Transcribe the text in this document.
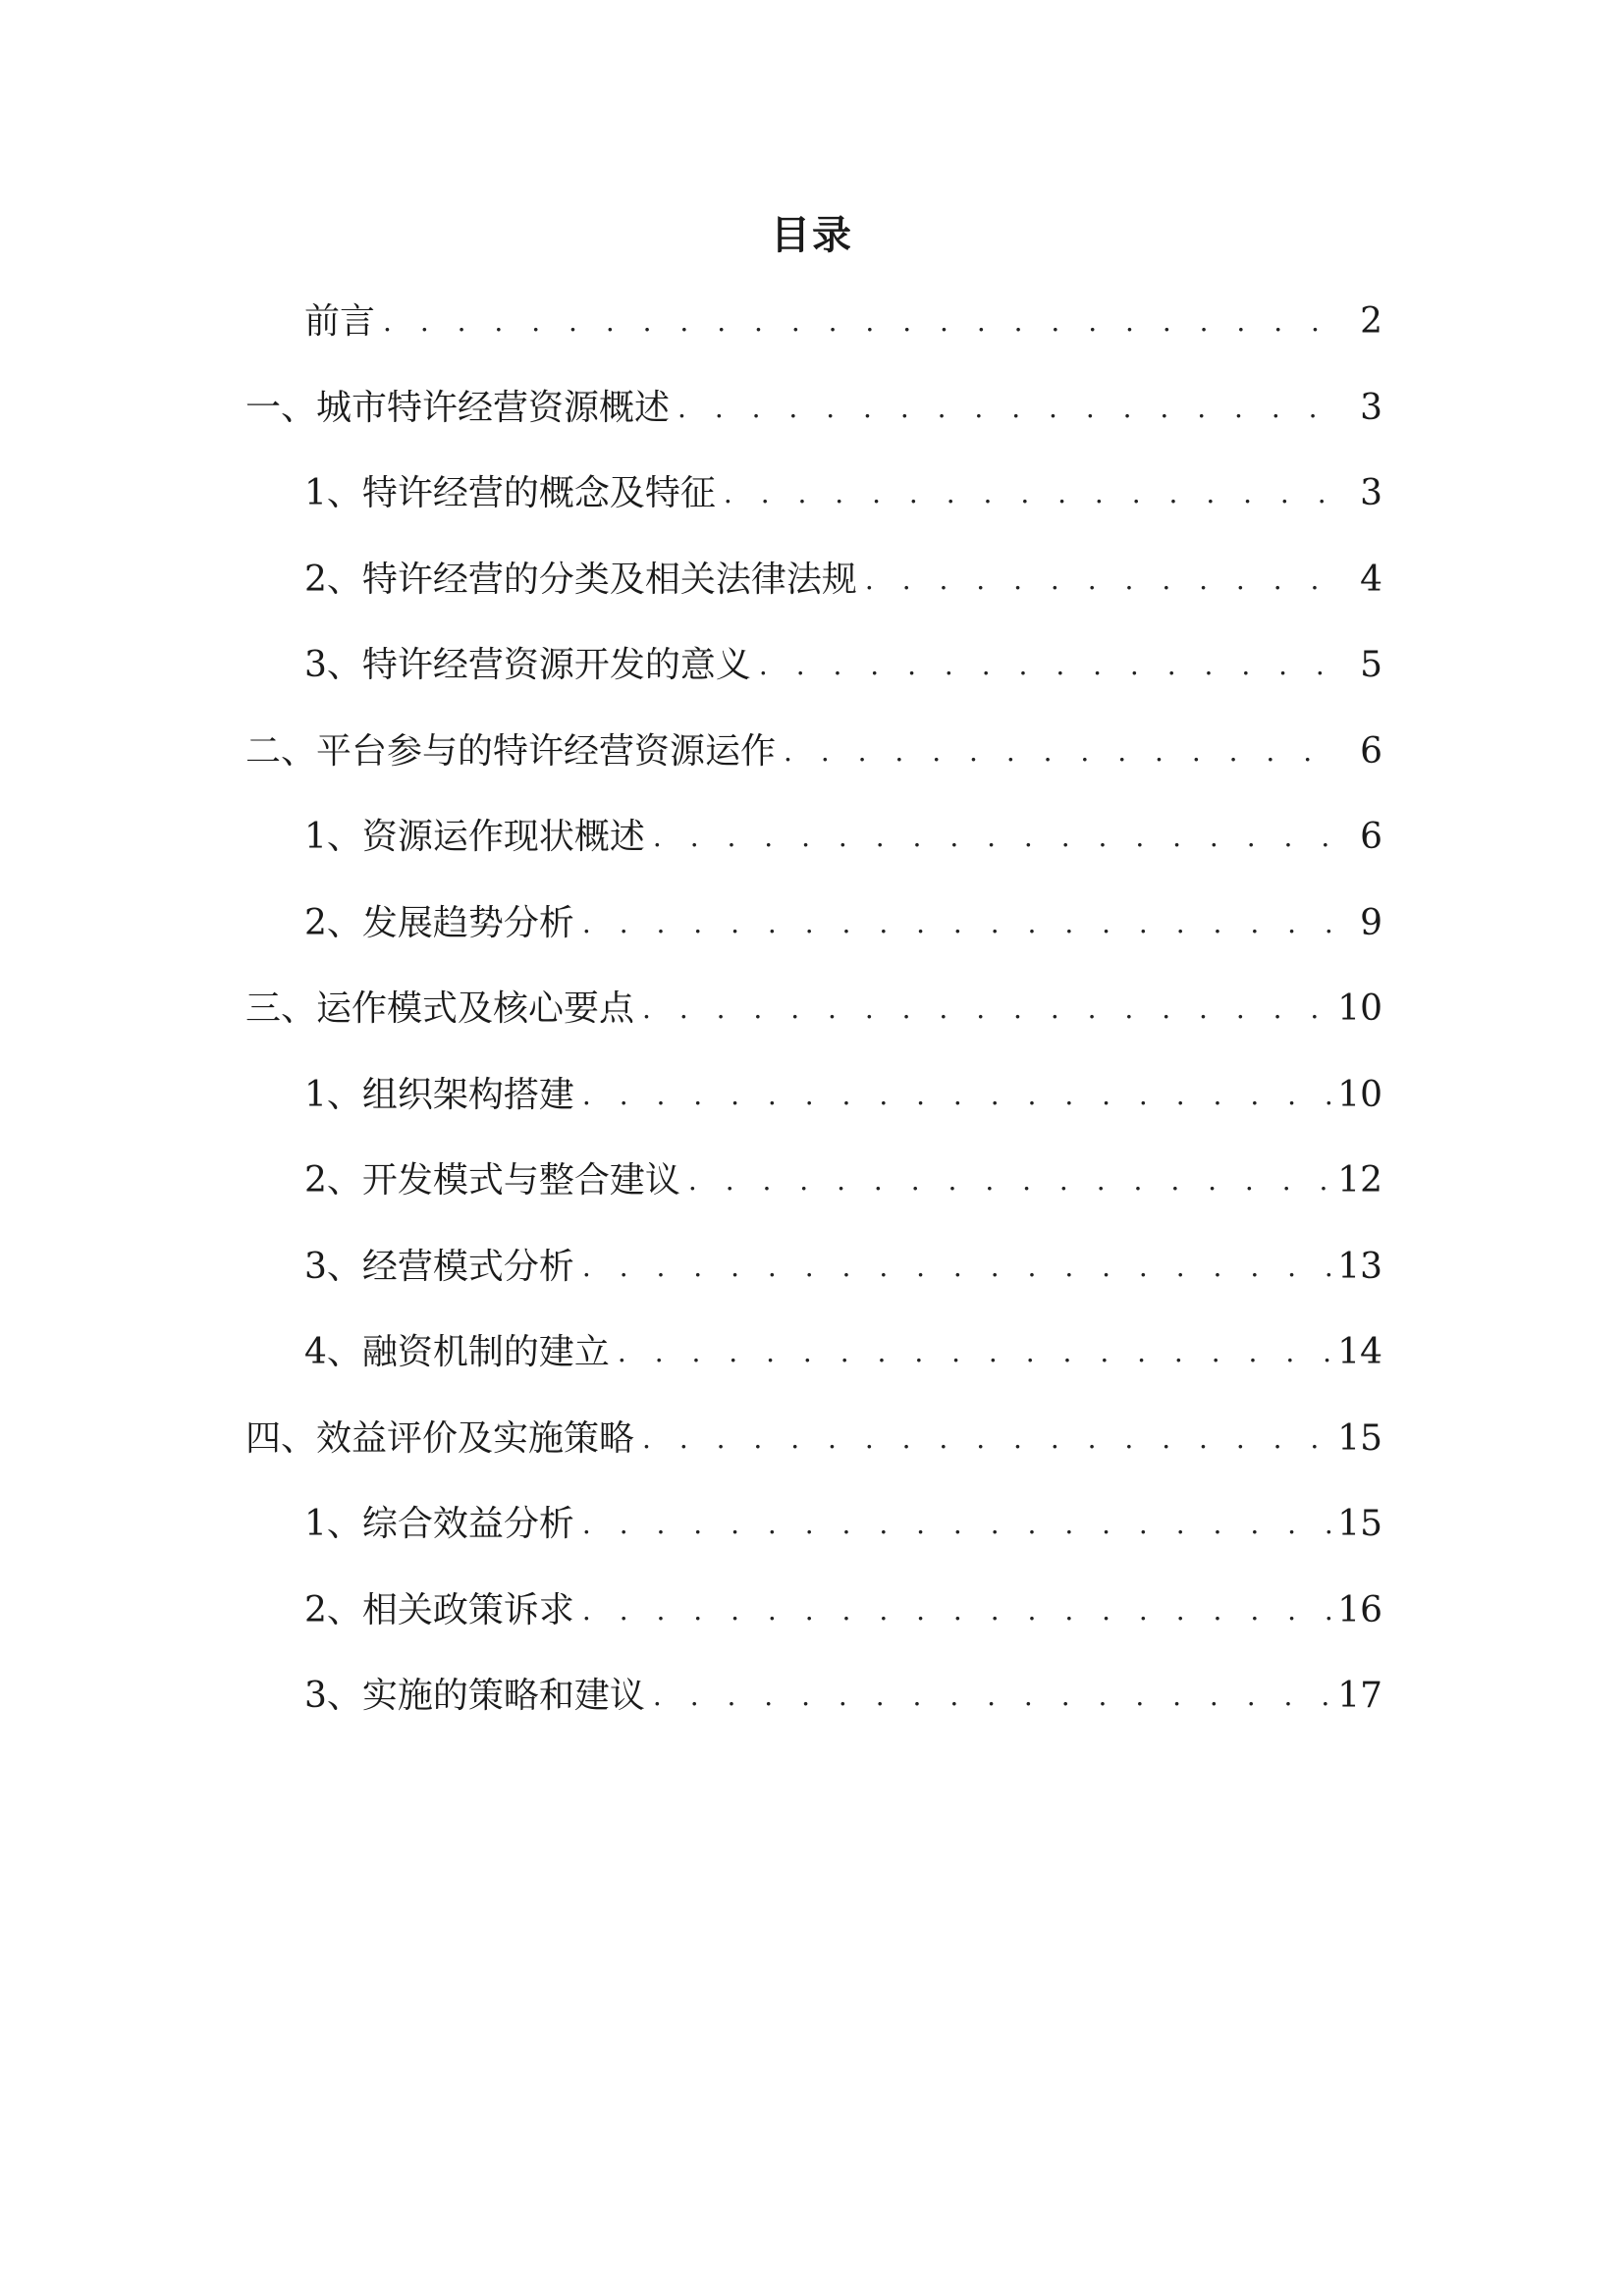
目录
前言 . . .	2
一、城市特许经营资源概述 . . .	3
1、特许经营的概念及特征 . . .	3
2、特许经营的分类及相关法律法规 . . .	4
3、特许经营资源开发的意义 . . .	5
二、平台参与的特许经营资源运作 . . .	6
1、资源运作现状概述 . . .	6
2、发展趋势分析 . . .	9
三、运作模式及核心要点 . . .	10
1、组织架构搭建 . . .	10
2、开发模式与整合建议 . . .	12
3、经营模式分析 . . .	13
4、融资机制的建立 . . .	14
四、效益评价及实施策略 . . .	15
1、综合效益分析 . . .	15
2、相关政策诉求 . . .	16
3、实施的策略和建议 . . .	17
